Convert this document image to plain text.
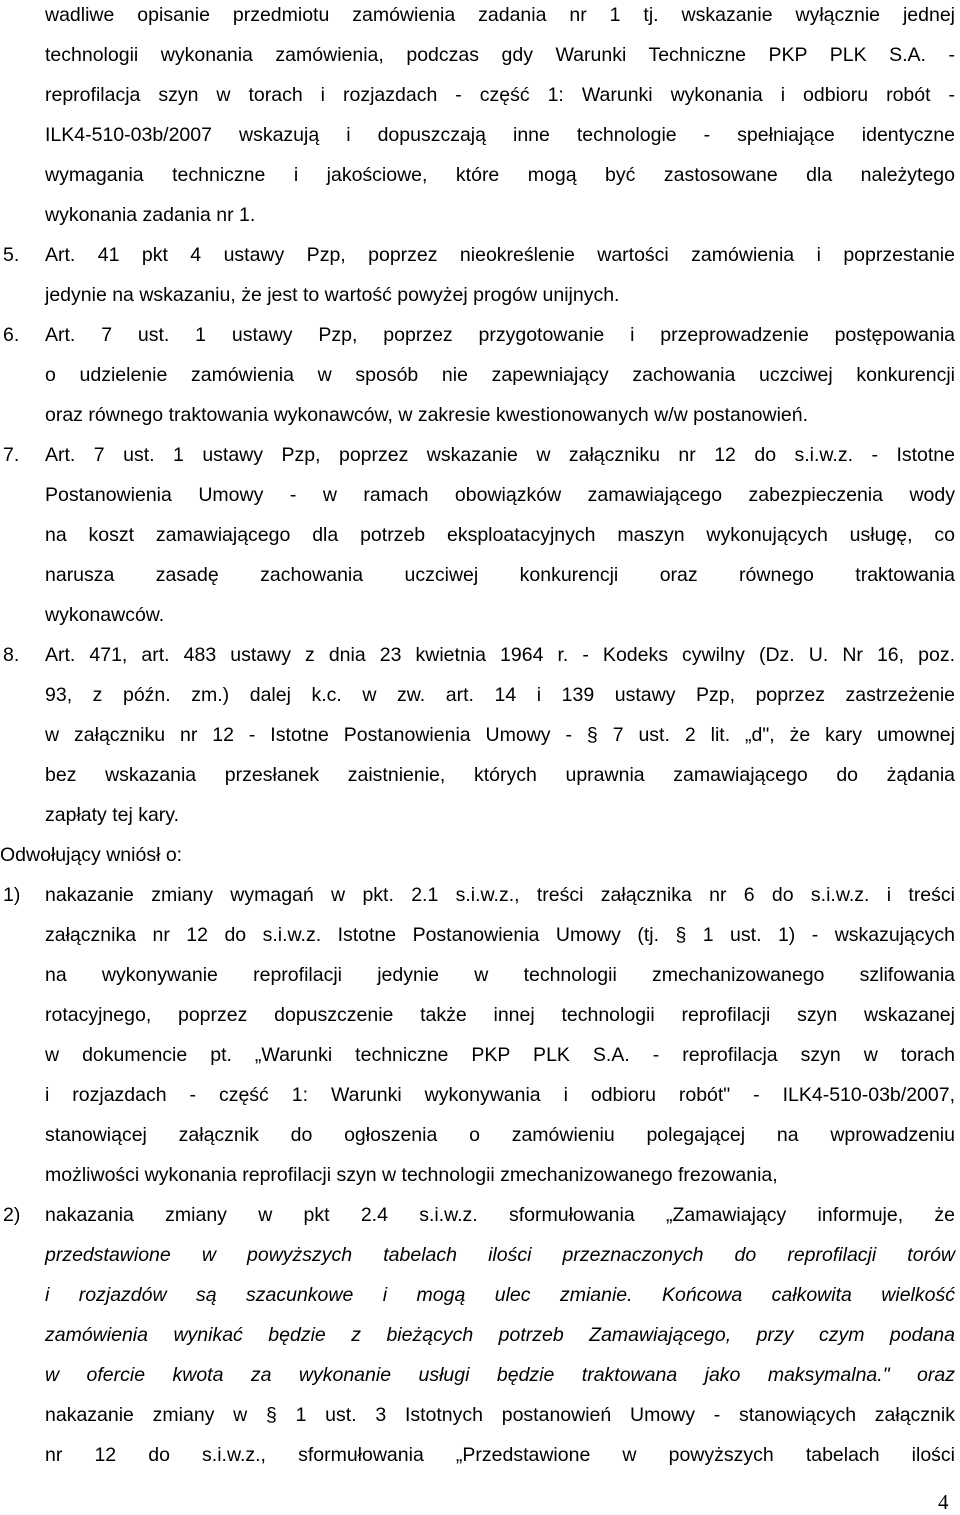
wadliwe opisanie przedmiotu zamówienia zadania nr 1 tj. wskazanie wyłącznie jednej
technologii wykonania zamówienia, podczas gdy Warunki Techniczne PKP PLK S.A. -
reprofilacja szyn w torach i rozjazdach - część 1: Warunki wykonania i odbioru robót -
ILK4-510-03b/2007 wskazują i dopuszczają inne technologie - spełniające identyczne
wymagania techniczne i jakościowe, które mogą być zastosowane dla należytego
wykonania zadania nr 1.
5. Art. 41 pkt 4 ustawy Pzp, poprzez nieokreślenie wartości zamówienia i poprzestanie
jedynie na wskazaniu, że jest to wartość powyżej progów unijnych.
6. Art. 7 ust. 1 ustawy Pzp, poprzez przygotowanie i przeprowadzenie postępowania
o udzielenie zamówienia w sposób nie zapewniający zachowania uczciwej konkurencji
oraz równego traktowania wykonawców, w zakresie kwestionowanych w/w postanowień.
7. Art. 7 ust. 1 ustawy Pzp, poprzez wskazanie w załączniku nr 12 do s.i.w.z. - Istotne
Postanowienia Umowy - w ramach obowiązków zamawiającego zabezpieczenia wody
na koszt zamawiającego dla potrzeb eksploatacyjnych maszyn wykonujących usługę, co
narusza zasadę zachowania uczciwej konkurencji oraz równego traktowania
wykonawców.
8. Art. 471, art. 483 ustawy z dnia 23 kwietnia 1964 r. - Kodeks cywilny (Dz. U. Nr 16, poz.
93, z późn. zm.) dalej k.c. w zw. art. 14 i 139 ustawy Pzp, poprzez zastrzeżenie
w załączniku nr 12 - Istotne Postanowienia Umowy - § 7 ust. 2 lit. „d", że kary umownej
bez wskazania przesłanek zaistnienie, których uprawnia zamawiającego do żądania
zapłaty tej kary.
Odwołujący wniósł o:
1) nakazanie zmiany wymagań w pkt. 2.1 s.i.w.z., treści załącznika nr 6 do s.i.w.z. i treści
załącznika nr 12 do s.i.w.z. Istotne Postanowienia Umowy (tj. § 1 ust. 1) - wskazujących
na wykonywanie reprofilacji jedynie w technologii zmechanizowanego szlifowania
rotacyjnego, poprzez dopuszczenie także innej technologii reprofilacji szyn wskazanej
w dokumencie pt. „Warunki techniczne PKP PLK S.A. - reprofilacja szyn w torach
i rozjazdach - część 1: Warunki wykonywania i odbioru robót" - ILK4-510-03b/2007,
stanowiącej załącznik do ogłoszenia o zamówieniu polegającej na wprowadzeniu
możliwości wykonania reprofilacji szyn w technologii zmechanizowanego frezowania,
2) nakazania zmiany w pkt 2.4 s.i.w.z. sformułowania „Zamawiający informuje, że
przedstawione w powyższych tabelach ilości przeznaczonych do reprofilacji torów
i rozjazdów są szacunkowe i mogą ulec zmianie. Końcowa całkowita wielkość
zamówienia wynikać będzie z bieżących potrzeb Zamawiającego, przy czym podana
w ofercie kwota za wykonanie usługi będzie traktowana jako maksymalna." oraz
nakazanie zmiany w § 1 ust. 3 Istotnych postanowień Umowy - stanowiących załącznik
nr 12 do s.i.w.z., sformułowania „Przedstawione w powyższych tabelach ilości
4
